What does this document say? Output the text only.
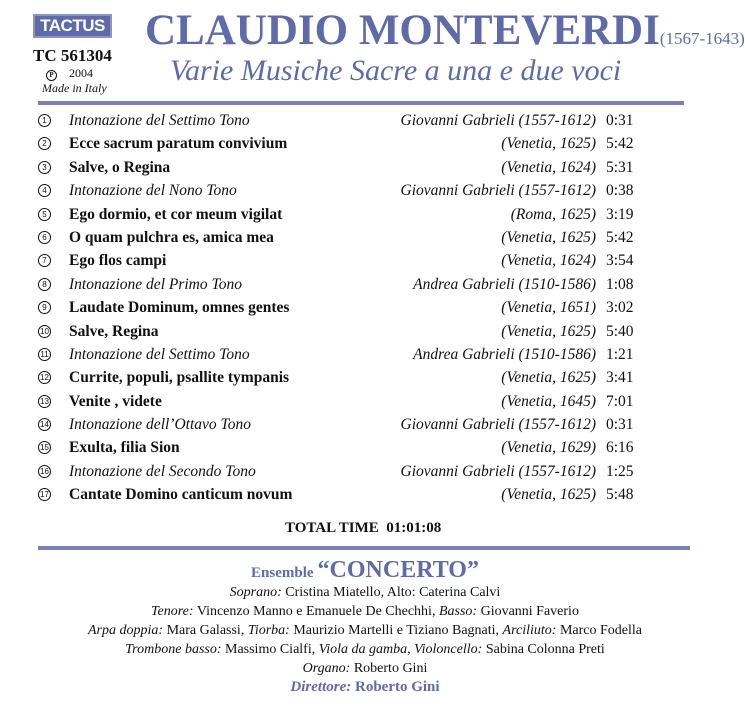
TACTUS
TC 561304
P 2004
Made in Italy
CLAUDIO MONTEVERDI(1567-1643)
Varie Musiche Sacre a una e due voci
1 Intonazione del Settimo Tono	Giovanni Gabrieli (1557-1612) 0:31
2 Ecce sacrum paratum convivium	(Venetia, 1625) 5:42
3 Salve, o Regina	(Venetia, 1624) 5:31
4 Intonazione del Nono Tono	Giovanni Gabrieli (1557-1612) 0:38
5 Ego dormio, et cor meum vigilat	(Roma, 1625) 3:19
6 O quam pulchra es, amica mea	(Venetia, 1625) 5:42
7 Ego flos campi	(Venetia, 1624) 3:54
8 Intonazione del Primo Tono	Andrea Gabrieli (1510-1586) 1:08
9 Laudate Dominum, omnes gentes	(Venetia, 1651) 3:02
10 Salve, Regina	(Venetia, 1625) 5:40
11 Intonazione del Settimo Tono	Andrea Gabrieli (1510-1586) 1:21
12 Currite, populi, psallite tympanis	(Venetia, 1625) 3:41
13 Venite , videte	(Venetia, 1645) 7:01
14 Intonazione dell’Ottavo Tono	Giovanni Gabrieli (1557-1612) 0:31
15 Exulta, filia Sion	(Venetia, 1629) 6:16
16 Intonazione del Secondo Tono	Giovanni Gabrieli (1557-1612) 1:25
17 Cantate Domino canticum novum	(Venetia, 1625) 5:48
TOTAL TIME 01:01:08
Ensemble “CONCERTO”
Soprano: Cristina Miatello, Alto: Caterina Calvi
Tenore: Vincenzo Manno e Emanuele De Chechhi, Basso: Giovanni Faverio
Arpa doppia: Mara Galassi, Tiorba: Maurizio Martelli e Tiziano Bagnati, Arciliuto: Marco Fodella
Trombone basso: Massimo Cialfi, Viola da gamba, Violoncello: Sabina Colonna Preti
Organo: Roberto Gini
Direttore: Roberto Gini
